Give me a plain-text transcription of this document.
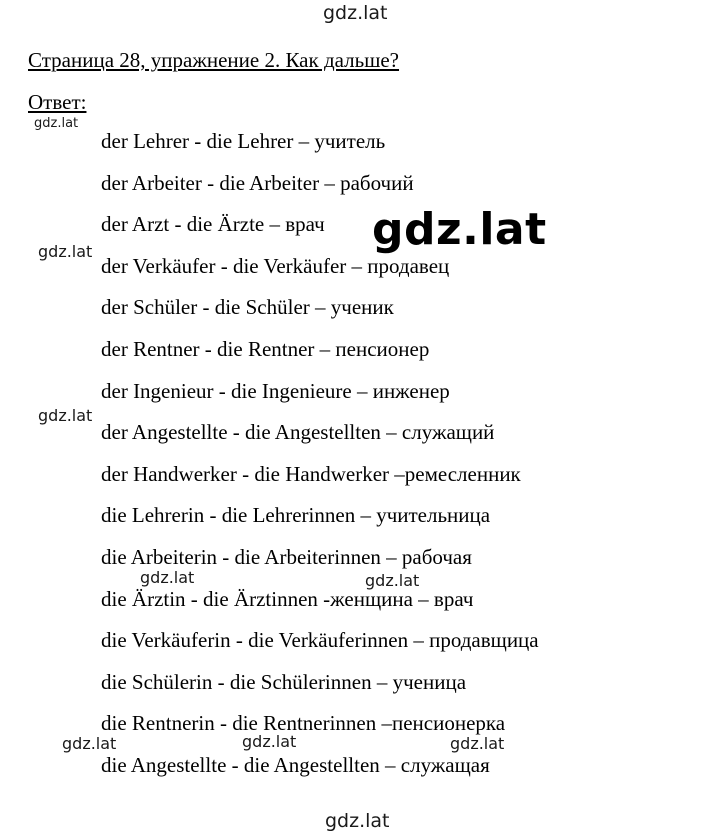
gdz.lat
Страница 28, упражнение 2. Как дальше?
Ответ:
der Lehrer - die Lehrer – учитель
der Arbeiter - die Arbeiter – рабочий
der Arzt - die Ärzte – врач
der Verkäufer - die Verkäufer – продавец
der Schüler - die Schüler – ученик
der Rentner - die Rentner – пенсионер
der Ingenieur - die Ingenieure – инженер
der Angestellte - die Angestellten – служащий
der Handwerker - die Handwerker –ремесленник
die Lehrerin - die Lehrerinnen – учительница
die Arbeiterin - die Arbeiterinnen – рабочая
die Ärztin - die Ärztinnen -женщина – врач
die Verkäuferin - die Verkäuferinnen – продавщица
die Schülerin - die Schülerinnen – ученица
die Rentnerin - die Rentnerinnen –пенсионерка
die Angestellte - die Angestellten – служащая
gdz.lat
gdz.lat
gdz.lat
gdz.lat
gdz.lat	gdz.lat
gdz.lat	gdz.lat	gdz.lat
gdz.lat
